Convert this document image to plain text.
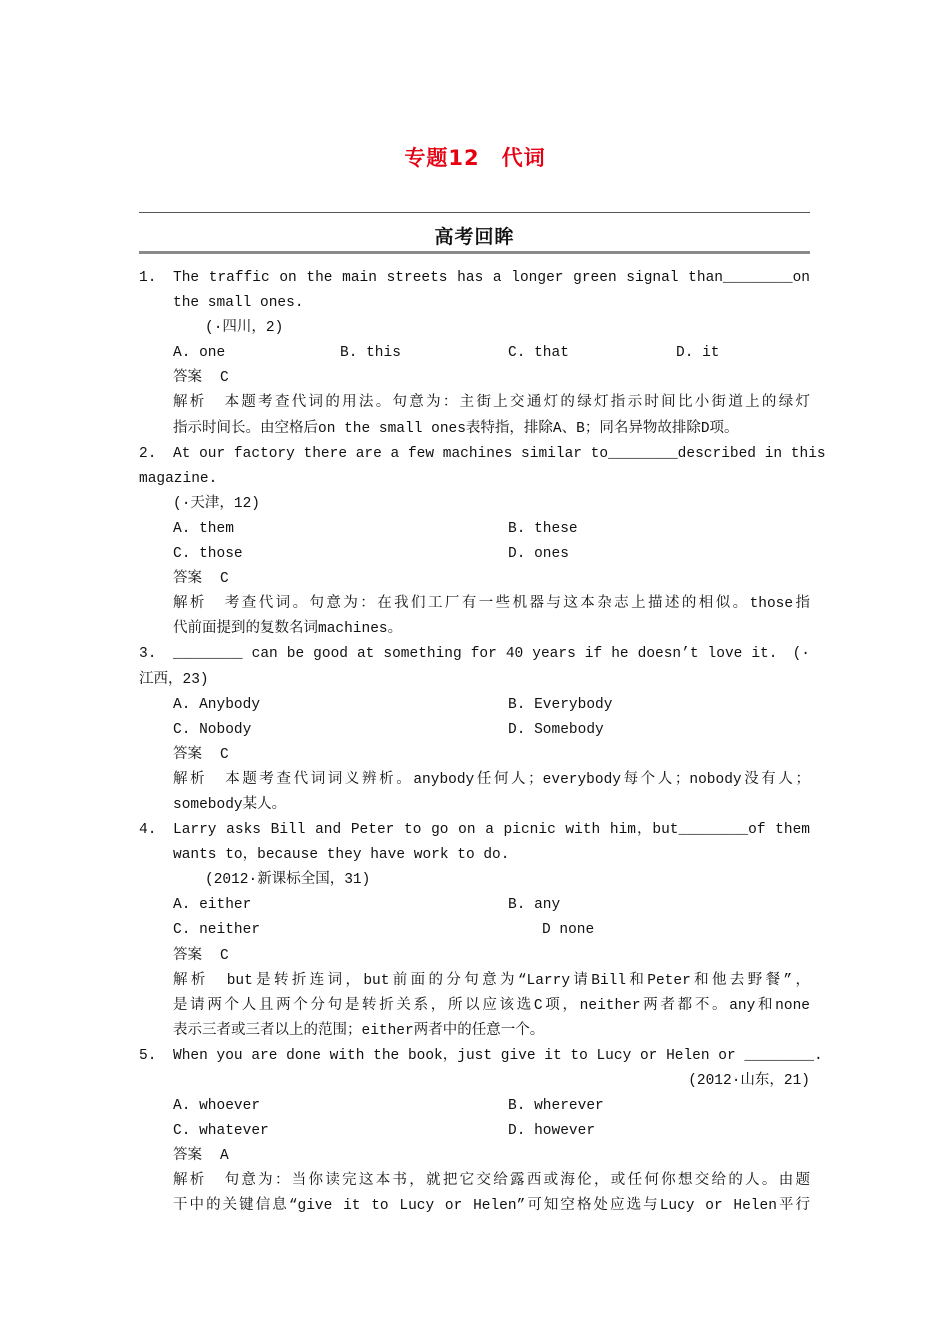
专题12　代词
高考回眸
1. The traffic on the main streets has a longer green signal than________on
the small ones.
(·四川，2)
A. one	B. this	C. that	D. it
答案 C
解析 本题考查代词的用法。句意为：主街上交通灯的绿灯指示时间比小街道上的绿灯
指示时间长。由空格后on the small ones表特指，排除A、B；同名异物故排除D项。
2. At our factory there are a few machines similar to________described in this
magazine.
(·天津，12)
A. them	B. these
C. those	D. ones
答案 C
解析 考查代词。句意为：在我们工厂有一些机器与这本杂志上描述的相似。those指
代前面提到的复数名词machines。
3. ________ can be good at something for 40 years if he doesn’t love it.　(·
江西，23)
A. Anybody	B. Everybody
C. Nobody	D. Somebody
答案 C
解析 本题考查代词词义辨析。anybody任何人；everybody每个人；nobody没有人；
somebody某人。
4. Larry asks Bill and Peter to go on a picnic with him，but________of them
wants to，because they have work to do.
(2012·新课标全国，31)
A. either	B. any
C. neither	D none
答案 C
解析 but是转折连词，but前面的分句意为“Larry请Bill和Peter和他去野餐”，
是请两个人且两个分句是转折关系，所以应该选C项，neither两者都不。any和none
表示三者或三者以上的范围；either两者中的任意一个。
5. When you are done with the book，just give it to Lucy or Helen or ________.
(2012·山东，21)
A. whoever	B. wherever
C. whatever	D. however
答案 A
解析 句意为：当你读完这本书，就把它交给露西或海伦，或任何你想交给的人。由题
干中的关键信息“give it to Lucy or Helen”可知空格处应选与Lucy or Helen平行
